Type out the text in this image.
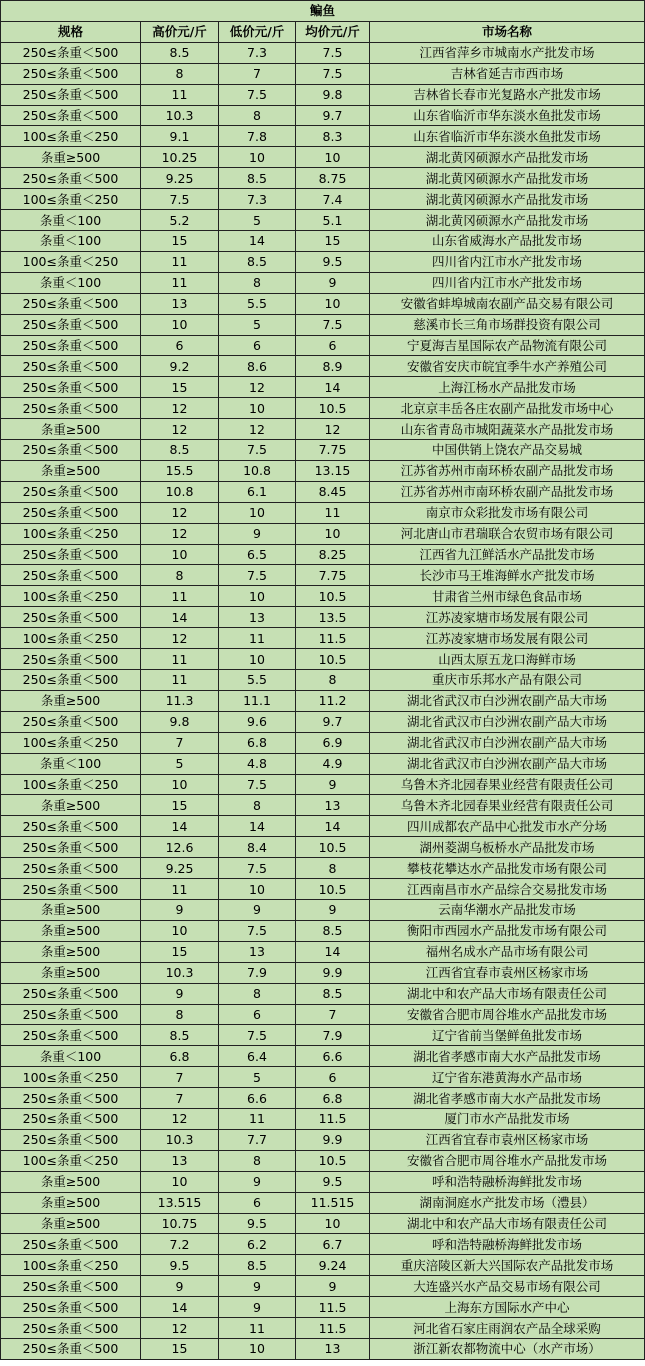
鳊鱼				
规格	高价元/斤	低价元/斤	均价元/斤	市场名称
250≤条重＜500	8.5	7.3	7.5	江西省萍乡市城南水产批发市场
250≤条重＜500	8	7	7.5	吉林省延吉市西市场
250≤条重＜500	11	7.5	9.8	吉林省长春市光复路水产批发市场
250≤条重＜500	10.3	8	9.7	山东省临沂市华东淡水鱼批发市场
100≤条重＜250	9.1	7.8	8.3	山东省临沂市华东淡水鱼批发市场
条重≥500	10.25	10	10	湖北黄冈硕源水产品批发市场
250≤条重＜500	9.25	8.5	8.75	湖北黄冈硕源水产品批发市场
100≤条重＜250	7.5	7.3	7.4	湖北黄冈硕源水产品批发市场
条重＜100	5.2	5	5.1	湖北黄冈硕源水产品批发市场
条重＜100	15	14	15	山东省威海水产品批发市场
100≤条重＜250	11	8.5	9.5	四川省内江市水产批发市场
条重＜100	11	8	9	四川省内江市水产批发市场
250≤条重＜500	13	5.5	10	安徽省蚌埠城南农副产品交易有限公司
250≤条重＜500	10	5	7.5	慈溪市长三角市场群投资有限公司
250≤条重＜500	6	6	6	宁夏海吉星国际农产品物流有限公司
250≤条重＜500	9.2	8.6	8.9	安徽省安庆市皖宜季牛水产养殖公司
250≤条重＜500	15	12	14	上海江杨水产品批发市场
250≤条重＜500	12	10	10.5	北京京丰岳各庄农副产品批发市场中心
条重≥500	12	12	12	山东省青岛市城阳蔬菜水产品批发市场
250≤条重＜500	8.5	7.5	7.75	中国供销上饶农产品交易城
条重≥500	15.5	10.8	13.15	江苏省苏州市南环桥农副产品批发市场
250≤条重＜500	10.8	6.1	8.45	江苏省苏州市南环桥农副产品批发市场
250≤条重＜500	12	10	11	南京市众彩批发市场有限公司
100≤条重＜250	12	9	10	河北唐山市君瑞联合农贸市场有限公司
250≤条重＜500	10	6.5	8.25	江西省九江鲜活水产品批发市场
250≤条重＜500	8	7.5	7.75	长沙市马王堆海鲜水产批发市场
100≤条重＜250	11	10	10.5	甘肃省兰州市绿色食品市场
250≤条重＜500	14	13	13.5	江苏凌家塘市场发展有限公司
100≤条重＜250	12	11	11.5	江苏凌家塘市场发展有限公司
250≤条重＜500	11	10	10.5	山西太原五龙口海鲜市场
250≤条重＜500	11	5.5	8	重庆市乐邦水产品有限公司
条重≥500	11.3	11.1	11.2	湖北省武汉市白沙洲农副产品大市场
250≤条重＜500	9.8	9.6	9.7	湖北省武汉市白沙洲农副产品大市场
100≤条重＜250	7	6.8	6.9	湖北省武汉市白沙洲农副产品大市场
条重＜100	5	4.8	4.9	湖北省武汉市白沙洲农副产品大市场
100≤条重＜250	10	7.5	9	乌鲁木齐北园春果业经营有限责任公司
条重≥500	15	8	13	乌鲁木齐北园春果业经营有限责任公司
250≤条重＜500	14	14	14	四川成都农产品中心批发市水产分场
250≤条重＜500	12.6	8.4	10.5	湖州菱湖乌板桥水产品批发市场
250≤条重＜500	9.25	7.5	8	攀枝花攀达水产品批发市场有限公司
250≤条重＜500	11	10	10.5	江西南昌市水产品综合交易批发市场
条重≥500	9	9	9	云南华潮水产品批发市场
条重≥500	10	7.5	8.5	衡阳市西园水产品批发市场有限公司
条重≥500	15	13	14	福州名成水产品市场有限公司
条重≥500	10.3	7.9	9.9	江西省宜春市袁州区杨家市场
250≤条重＜500	9	8	8.5	湖北中和农产品大市场有限责任公司
250≤条重＜500	8	6	7	安徽省合肥市周谷堆水产品批发市场
250≤条重＜500	8.5	7.5	7.9	辽宁省前当堡鲜鱼批发市场
条重＜100	6.8	6.4	6.6	湖北省孝感市南大水产品批发市场
100≤条重＜250	7	5	6	辽宁省东港黄海水产品市场
250≤条重＜500	7	6.6	6.8	湖北省孝感市南大水产品批发市场
250≤条重＜500	12	11	11.5	厦门市水产品批发市场
250≤条重＜500	10.3	7.7	9.9	江西省宜春市袁州区杨家市场
100≤条重＜250	13	8	10.5	安徽省合肥市周谷堆水产品批发市场
条重≥500	10	9	9.5	呼和浩特融桥海鲜批发市场
条重≥500	13.515	6	11.515	湖南洞庭水产批发市场（澧县）
条重≥500	10.75	9.5	10	湖北中和农产品大市场有限责任公司
250≤条重＜500	7.2	6.2	6.7	呼和浩特融桥海鲜批发市场
100≤条重＜250	9.5	8.5	9.24	重庆涪陵区新大兴国际农产品批发市场
250≤条重＜500	9	9	9	大连盛兴水产品交易市场有限公司
250≤条重＜500	14	9	11.5	上海东方国际水产中心
250≤条重＜500	12	11	11.5	河北省石家庄雨润农产品全球采购
250≤条重＜500	15	10	13	浙江新农都物流中心（水产市场）
